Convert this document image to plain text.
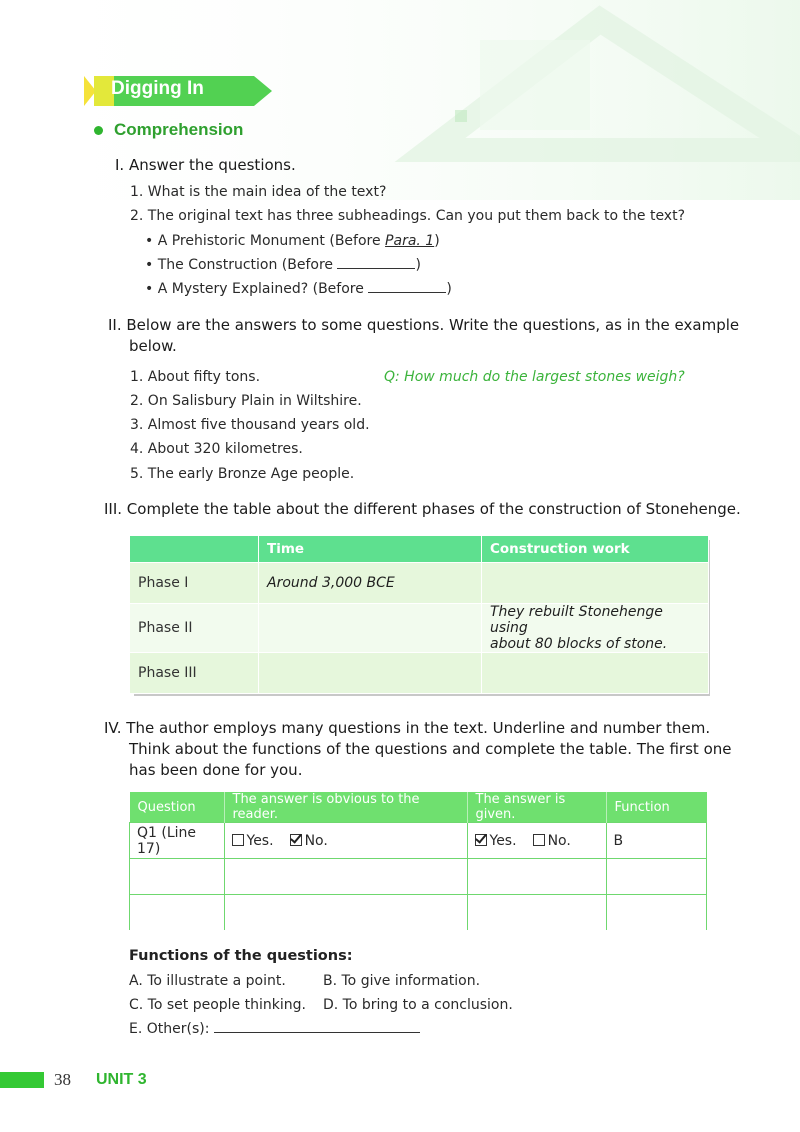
Digging In
Comprehension
I. Answer the questions.
1. What is the main idea of the text?
2. The original text has three subheadings. Can you put them back to the text?
• A Prehistoric Monument (Before Para. 1)
• The Construction (Before	)
• A Mystery Explained? (Before	)
II. Below are the answers to some questions. Write the questions, as in the example
below.
1. About fifty tons.	Q: How much do the largest stones weigh?
2. On Salisbury Plain in Wiltshire.
3. Almost five thousand years old.
4. About 320 kilometres.
5. The early Bronze Age people.
III. Complete the table about the different phases of the construction of Stonehenge.
	Time	Construction work
Phase I	Around 3,000 BCE	
Phase II		They rebuilt Stonehenge using
about 80 blocks of stone.

Phase III		
IV. The author employs many questions in the text. Underline and number them.
Think about the functions of the questions and complete the table. The first one
has been done for you.
Question	The answer is obvious to the reader.	The answer is given.	Function
Q1 (Line 17)	Yes. No.	Yes. No.	B

Functions of the questions:
A. To illustrate a point.	B. To give information.
C. To set people thinking. D. To bring to a conclusion.
E. Other(s):
38 UNIT 3
